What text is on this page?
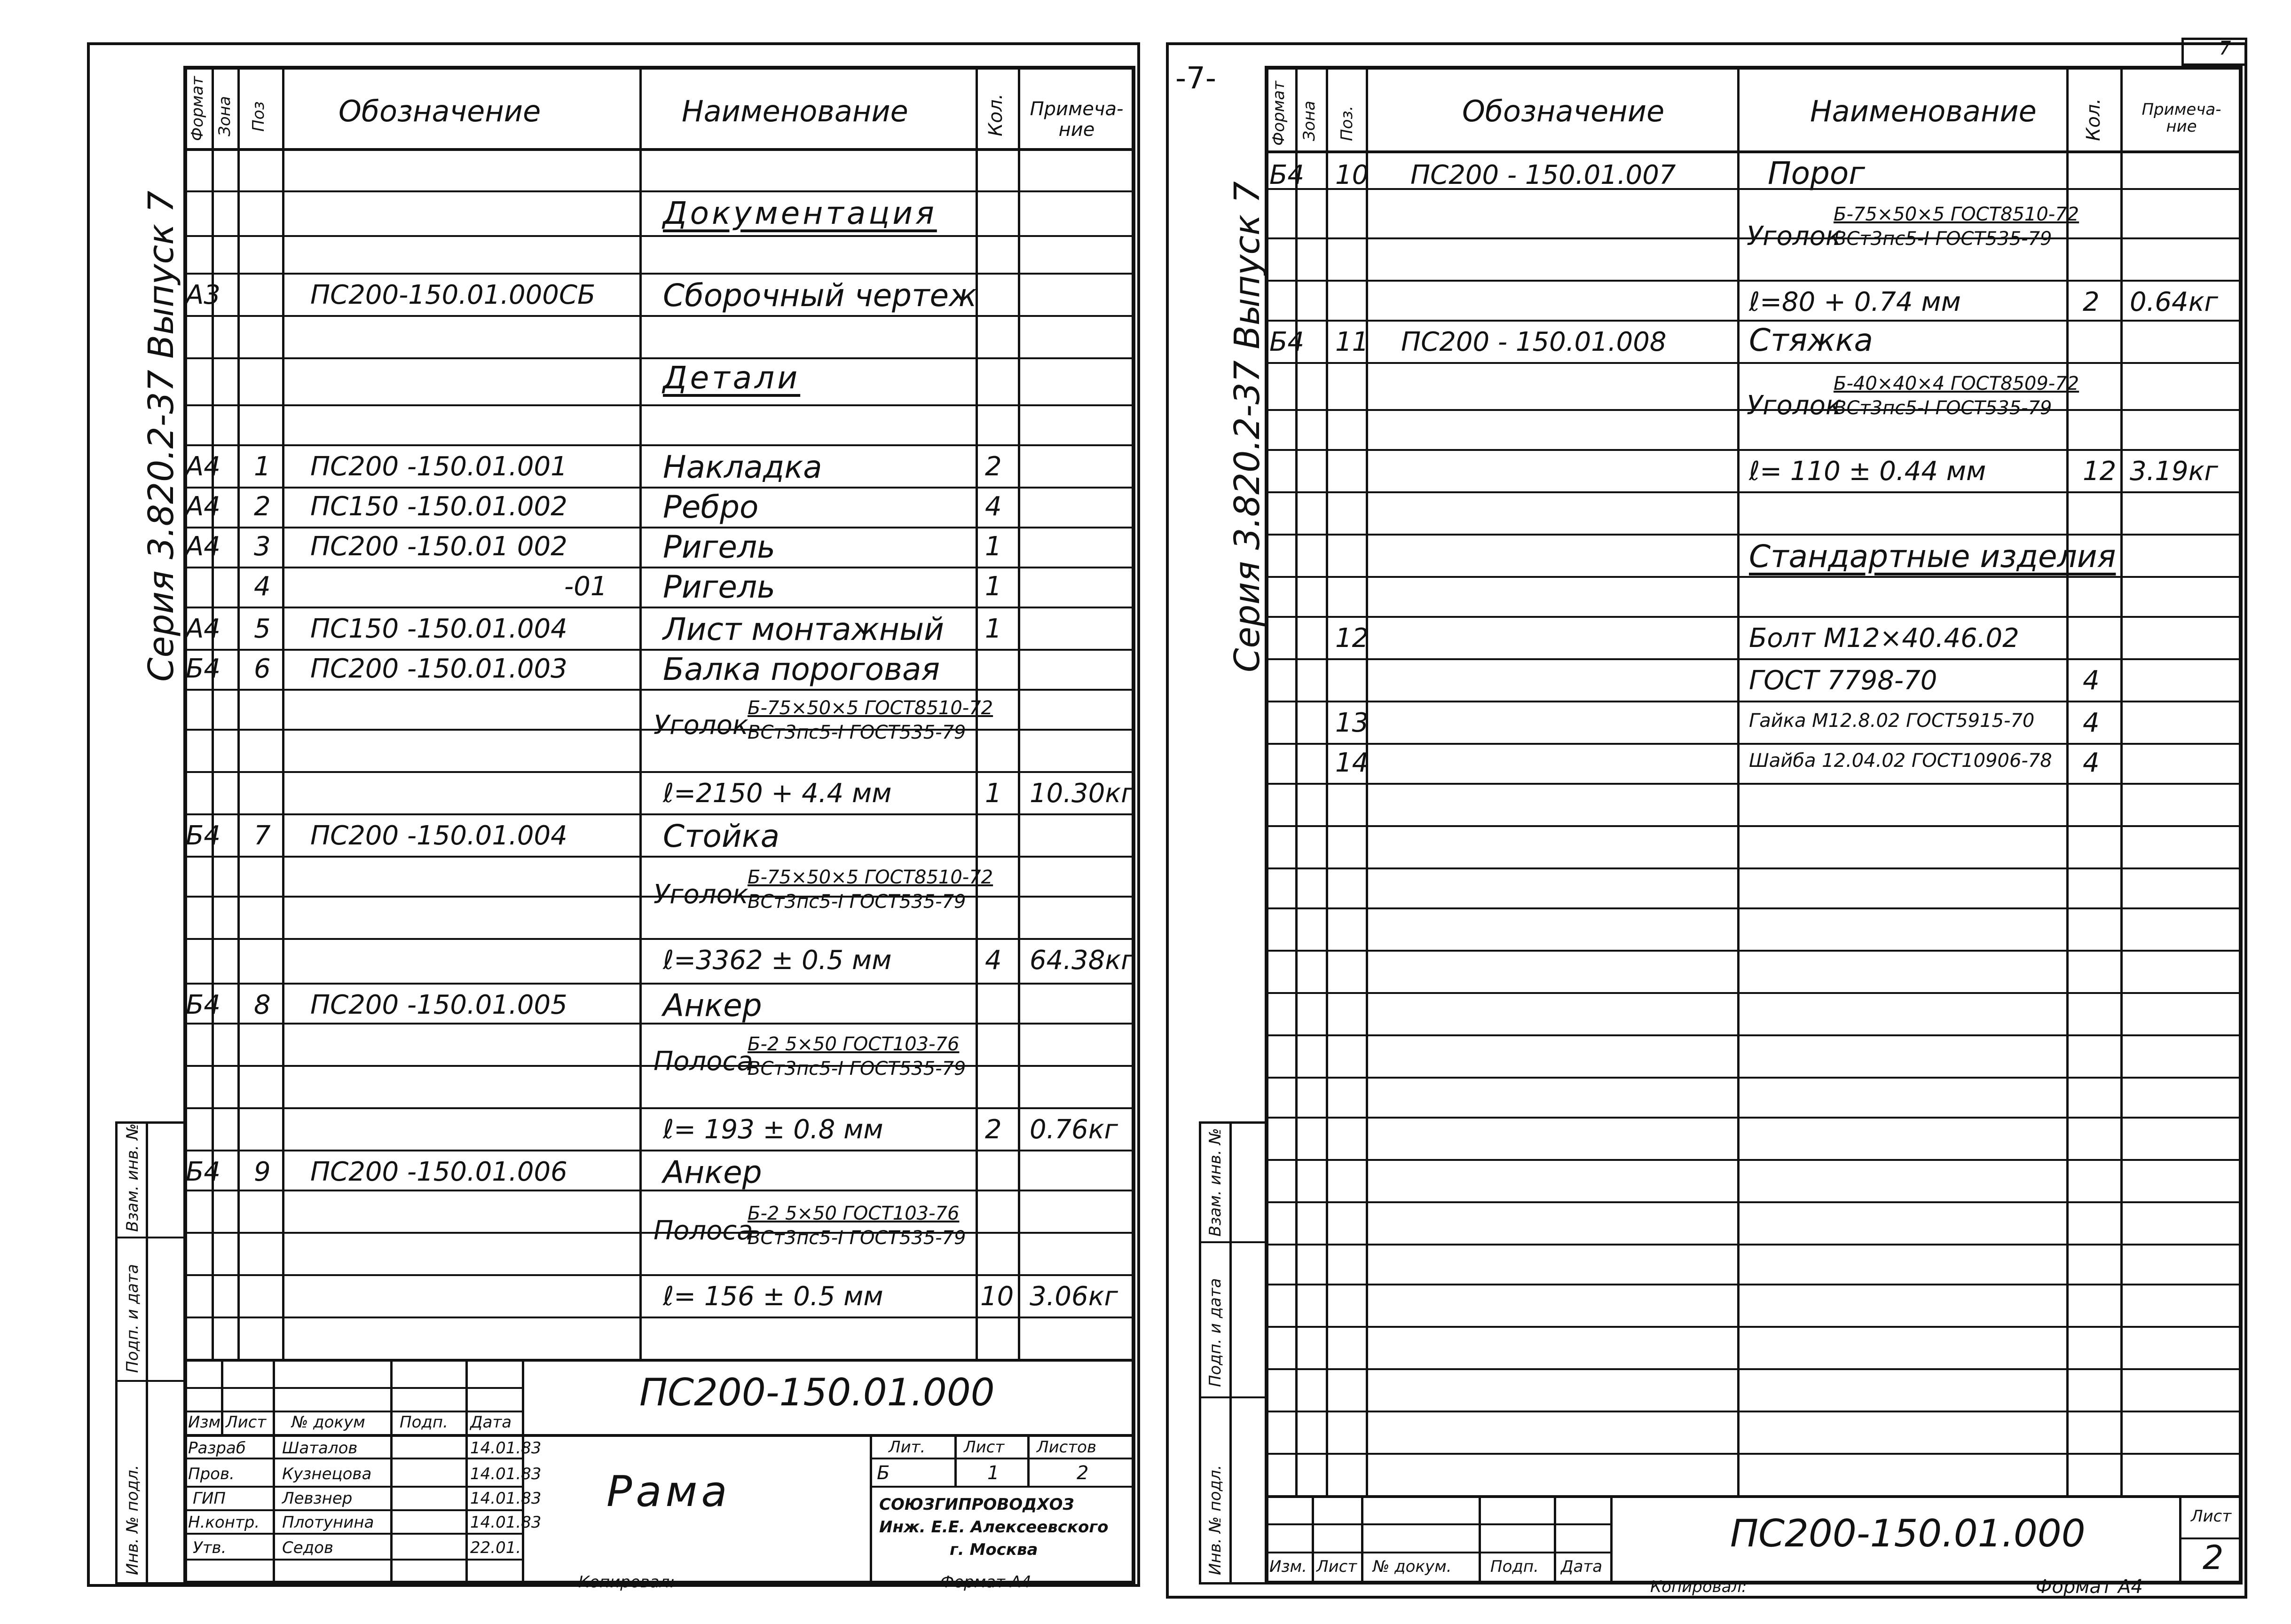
Формат Зона Поз Обозначение	Наименование	Кол. Примеча-ние
Документация
Детали
А3	ПС200-150.01.000СБ Сборочный чертеж
А4 1 ПС200 -150.01.001	Накладка	2
А4 2 ПС150 -150.01.002	Ребро	4
А4 3 ПС200 -150.01 002	Ригель	1
4	-01 Ригель	1
А4 5 ПС150 -150.01.004	Лист монтажный 1
Б4 6 ПС200 -150.01.003	Балка пороговая
Уголок
Б-75×50×5 ГОСТ8510-72
ВСт3пс5-I ГОСТ535-79
ℓ=2150 + 4.4 мм	1 10.30кг
Б4 7 ПС200 -150.01.004	Стойка
Уголок
Б-75×50×5 ГОСТ8510-72
ВСт3пс5-I ГОСТ535-79
ℓ=3362 ± 0.5 мм	4 64.38кг
Б4 8 ПС200 -150.01.005	Анкер
Полоса
Б-2 5×50 ГОСТ103-76
ВСт3пс5-I ГОСТ535-79
ℓ= 193 ± 0.8 мм	2 0.76кг
Б4 9 ПС200 -150.01.006	Анкер
Полоса
Б-2 5×50 ГОСТ103-76
ВСт3пс5-I ГОСТ535-79
ℓ= 156 ± 0.5 мм	10 3.06кг
Серия 3.820.2-37 Выпуск 7
Взам. инв. №
Подп. и дата
Инв. № подл.
Изм. Лист № докум Подп. Дата
Разраб Шаталов	14.01.83
Пров.	Кузнецова	14.01.83
ГИП	Левзнер	14.01.83
Н.контр. Плотунина	14.01.83
Утв.	Седов	22.01.
ПС200-150.01.000
Рама
Лит. Лист Листов
Б	1	2
СОЮЗГИПРОВОДХОЗ
Инж. Е.Е. Алексеевского
г. Москва
Копировал:	Формат А4
-7-
7
Формат Зона Поз.	Обозначение	Наименование Кол.	Примеча-ние
Б4 10 ПС200 - 150.01.007	Порог
Уголок
Б-75×50×5 ГОСТ8510-72
ВСт3пс5-I ГОСТ535-79
ℓ=80 + 0.74 мм	2 0.64кг
Б4 11 ПС200 - 150.01.008	Стяжка
Уголок
Б-40×40×4 ГОСТ8509-72
ВСт3пс5-I ГОСТ535-79
ℓ= 110 ± 0.44 мм	12 3.19кг
Стандартные изделия
12	Болт М12×40.46.02
ГОСТ 7798-70	4
13	Гайка М12.8.02 ГОСТ5915-70 4
14	Шайба 12.04.02 ГОСТ10906-78 4
Серия 3.820.2-37 Выпуск 7
Взам. инв. №
Подп. и дата
Инв. № подл.	Изм. Лист № докум. Подп. Дата
ПС200-150.01.000	Лист
2
Копировал:	Формат А4
